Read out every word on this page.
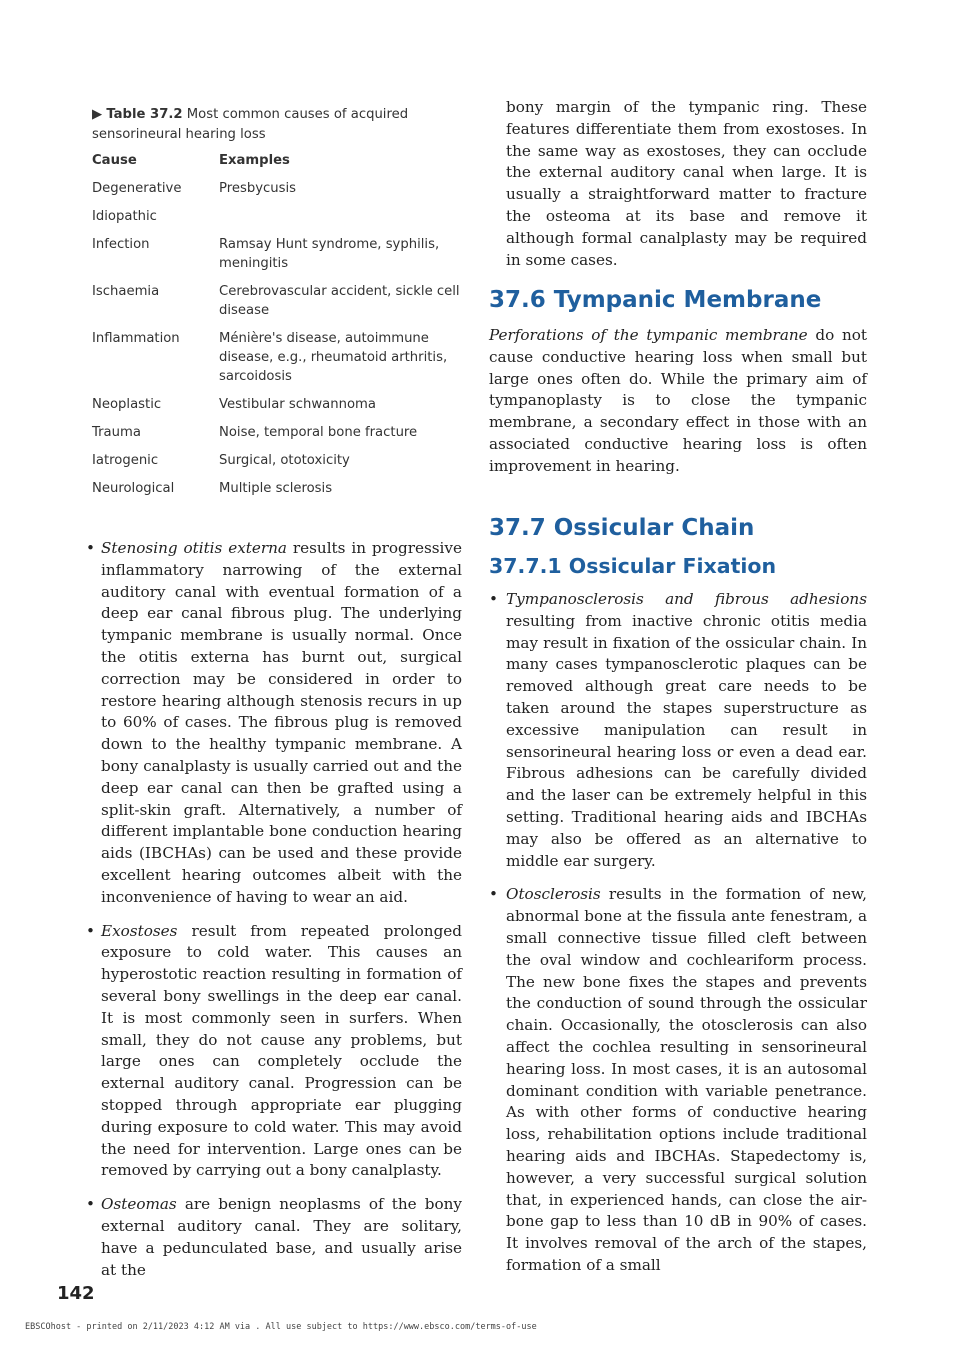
▶ Table 37.2 Most common causes of acquired sensorineural hearing loss
Cause	Examples
Degenerative	Presbycusis
Idiopathic
Infection	Ramsay Hunt syndrome, syphilis, meningitis
Ischaemia	Cerebrovascular accident, sickle cell disease
Inflammation	Ménière's disease, autoimmune disease, e.g., rheumatoid arthritis, sarcoidosis
Neoplastic	Vestibular schwannoma
Trauma	Noise, temporal bone fracture
Iatrogenic	Surgical, ototoxicity
Neurological	Multiple sclerosis
• Stenosing otitis externa results in progressive inflammatory narrowing of the external auditory canal with eventual formation of a deep ear canal fibrous plug. The underlying tympanic membrane is usually normal. Once the otitis externa has burnt out, surgical correction may be considered in order to restore hearing although stenosis recurs in up to 60% of cases. The fibrous plug is removed down to the healthy tympanic membrane. A bony canalplasty is usually carried out and the deep ear canal can then be grafted using a split-skin graft. Alternatively, a number of different implantable bone conduction hearing aids (IBCHAs) can be used and these provide excellent hearing outcomes albeit with the inconvenience of having to wear an aid.
• Exostoses result from repeated prolonged exposure to cold water. This causes an hyperostotic reaction resulting in formation of several bony swellings in the deep ear canal. It is most commonly seen in surfers. When small, they do not cause any problems, but large ones can completely occlude the external auditory canal. Progression can be stopped through appropriate ear plugging during exposure to cold water. This may avoid the need for intervention. Large ones can be removed by carrying out a bony canalplasty.
• Osteomas are benign neoplasms of the bony external auditory canal. They are solitary, have a pedunculated base, and usually arise at the
bony margin of the tympanic ring. These features differentiate them from exostoses. In the same way as exostoses, they can occlude the external auditory canal when large. It is usually a straightforward matter to fracture the osteoma at its base and remove it although formal canalplasty may be required in some cases.
37.6 Tympanic Membrane
Perforations of the tympanic membrane do not cause conductive hearing loss when small but large ones often do. While the primary aim of tympanoplasty is to close the tympanic membrane, a secondary effect in those with an associated conductive hearing loss is often improvement in hearing.
37.7 Ossicular Chain
37.7.1 Ossicular Fixation
• Tympanosclerosis and fibrous adhesions resulting from inactive chronic otitis media may result in fixation of the ossicular chain. In many cases tympanosclerotic plaques can be removed although great care needs to be taken around the stapes superstructure as excessive manipulation can result in sensorineural hearing loss or even a dead ear. Fibrous adhesions can be carefully divided and the laser can be extremely helpful in this setting. Traditional hearing aids and IBCHAs may also be offered as an alternative to middle ear surgery.
• Otosclerosis results in the formation of new, abnormal bone at the fissula ante fenestram, a small connective tissue filled cleft between the oval window and cochleariform process. The new bone fixes the stapes and prevents the conduction of sound through the ossicular chain. Occasionally, the otosclerosis can also affect the cochlea resulting in sensorineural hearing loss. In most cases, it is an autosomal dominant condition with variable penetrance. As with other forms of conductive hearing loss, rehabilitation options include traditional hearing aids and IBCHAs. Stapedectomy is, however, a very successful surgical solution that, in experienced hands, can close the air-bone gap to less than 10 dB in 90% of cases. It involves removal of the arch of the stapes, formation of a small
142
EBSCOhost - printed on 2/11/2023 4:12 AM via . All use subject to https://www.ebsco.com/terms-of-use
